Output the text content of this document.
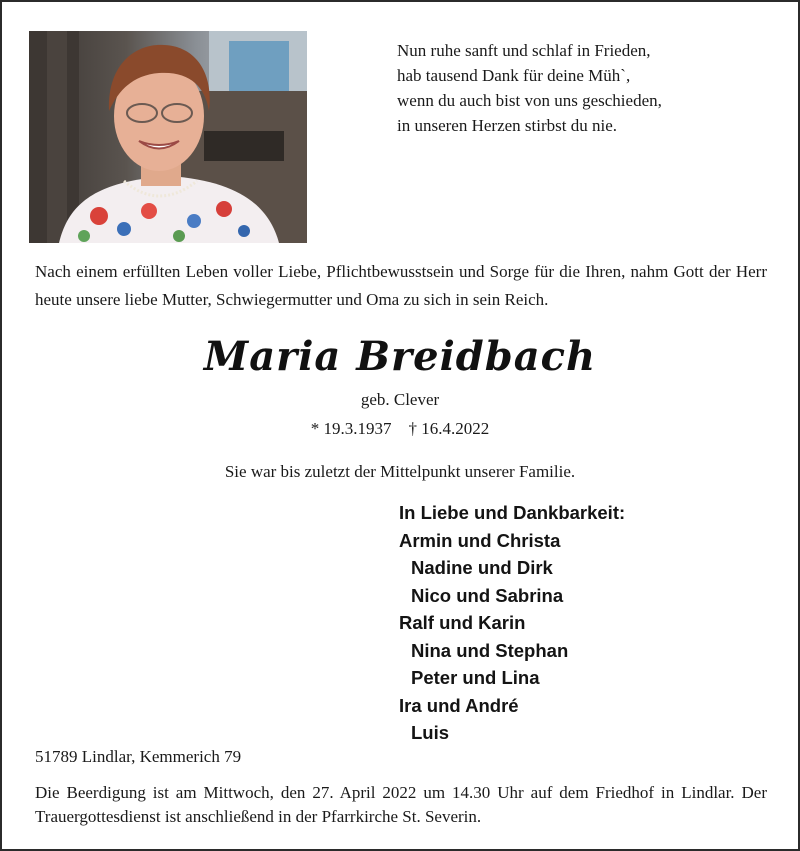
Nun ruhe sanft und schlaf in Frieden,
hab tausend Dank für deine Müh`,
wenn du auch bist von uns geschieden,
in unseren Herzen stirbst du nie.
Nach einem erfüllten Leben voller Liebe, Pflichtbewusstsein und Sorge für die Ihren, nahm Gott der Herr heute unsere liebe Mutter, Schwiegermutter und Oma zu sich in sein Reich.
Maria Breidbach
geb. Clever
* 19.3.1937    † 16.4.2022
Sie war bis zuletzt der Mittelpunkt unserer Familie.
In Liebe und Dankbarkeit:
Armin und Christa
Nadine und Dirk
Nico und Sabrina
Ralf und Karin
Nina und Stephan
Peter und Lina
Ira und André
Luis
51789 Lindlar, Kemmerich 79
Die Beerdigung ist am Mittwoch, den 27. April 2022 um 14.30 Uhr auf dem Friedhof in Lindlar. Der Trauergottesdienst ist anschließend in der Pfarrkirche St. Severin.
